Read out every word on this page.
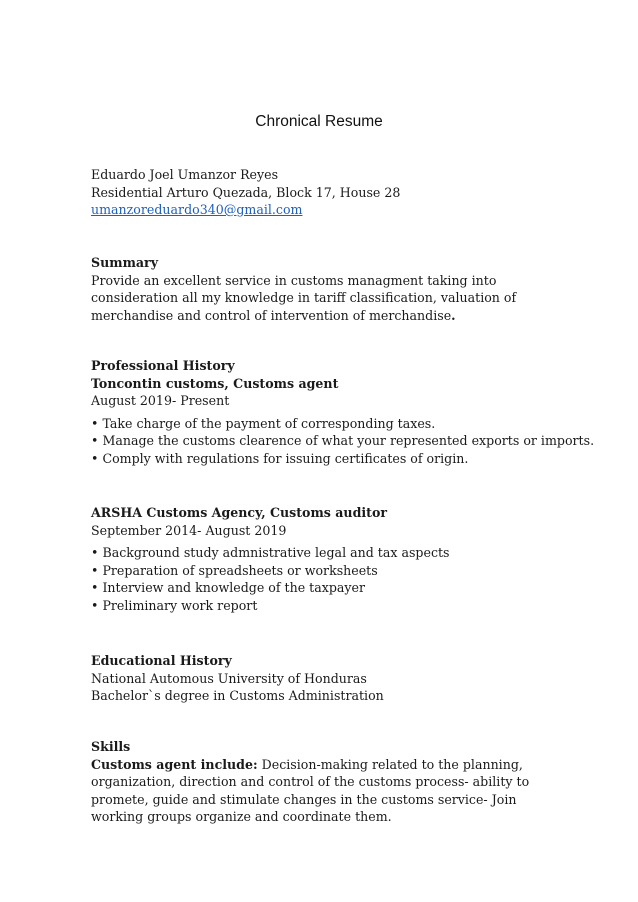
Chronical Resume
Eduardo Joel Umanzor Reyes
Residential Arturo Quezada, Block 17, House 28
umanzoreduardo340@gmail.com
Summary
Provide an excellent service in customs managment taking into consideration all my knowledge in tariff classification, valuation of merchandise and control of intervention of merchandise.
Professional History
Toncontin customs, Customs agent
August 2019- Present
• Take charge of the payment of corresponding taxes.
• Manage the customs clearence of what your represented exports or imports.
• Comply with regulations for issuing certificates of origin.
ARSHA Customs Agency, Customs auditor
September 2014- August 2019
• Background study admnistrative legal and tax aspects
• Preparation of spreadsheets or worksheets
• Interview and knowledge of the taxpayer
• Preliminary work report
Educational History
National Automous University of Honduras
Bachelor`s degree in Customs Administration
Skills
Customs agent include: Decision-making related to the planning, organization, direction and control of the customs process- ability to promete, guide and stimulate changes in the customs service- Join working groups organize and coordinate them.
